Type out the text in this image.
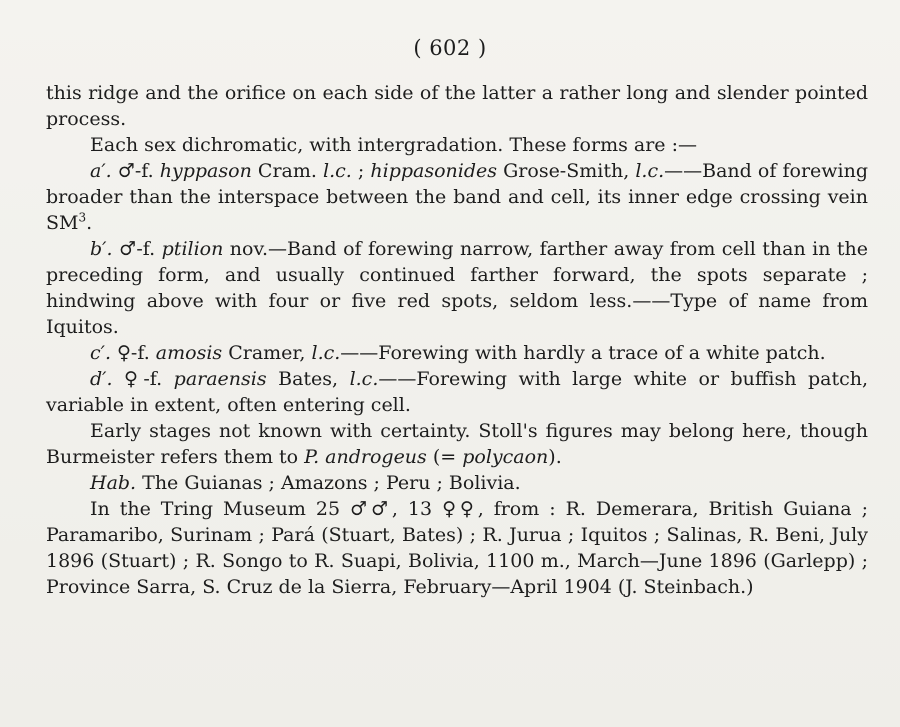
( 602 )

this ridge and the orifice on each side of the latter a rather long and slender pointed process.

Each sex dichromatic, with intergradation. These forms are :—

a′. ♂-f. hyppason Cram. l.c. ; hippasonides Grose-Smith, l.c.——Band of forewing broader than the interspace between the band and cell, its inner edge crossing vein $SM^3$.

b′. ♂-f. ptilion nov.—Band of forewing narrow, farther away from cell than in the preceding form, and usually continued farther forward, the spots separate ; hindwing above with four or five red spots, seldom less.——Type of name from Iquitos.

c′. ♀-f. amosis Cramer, l.c.——Forewing with hardly a trace of a white patch.

d′. ♀-f. paraensis Bates, l.c.——Forewing with large white or buffish patch, variable in extent, often entering cell.

Early stages not known with certainty. Stoll's figures may belong here, though Burmeister refers them to P. androgeus (= polycaon).

Hab. The Guianas ; Amazons ; Peru ; Bolivia.

In the Tring Museum 25 ♂♂, 13 ♀♀, from : R. Demerara, British Guiana ; Paramaribo, Surinam ; Pará (Stuart, Bates) ; R. Jurua ; Iquitos ; Salinas, R. Beni, July 1896 (Stuart) ; R. Songo to R. Suapi, Bolivia, 1100 m., March—June 1896 (Garlepp) ; Province Sarra, S. Cruz de la Sierra, February—April 1904 (J. Steinbach.)
